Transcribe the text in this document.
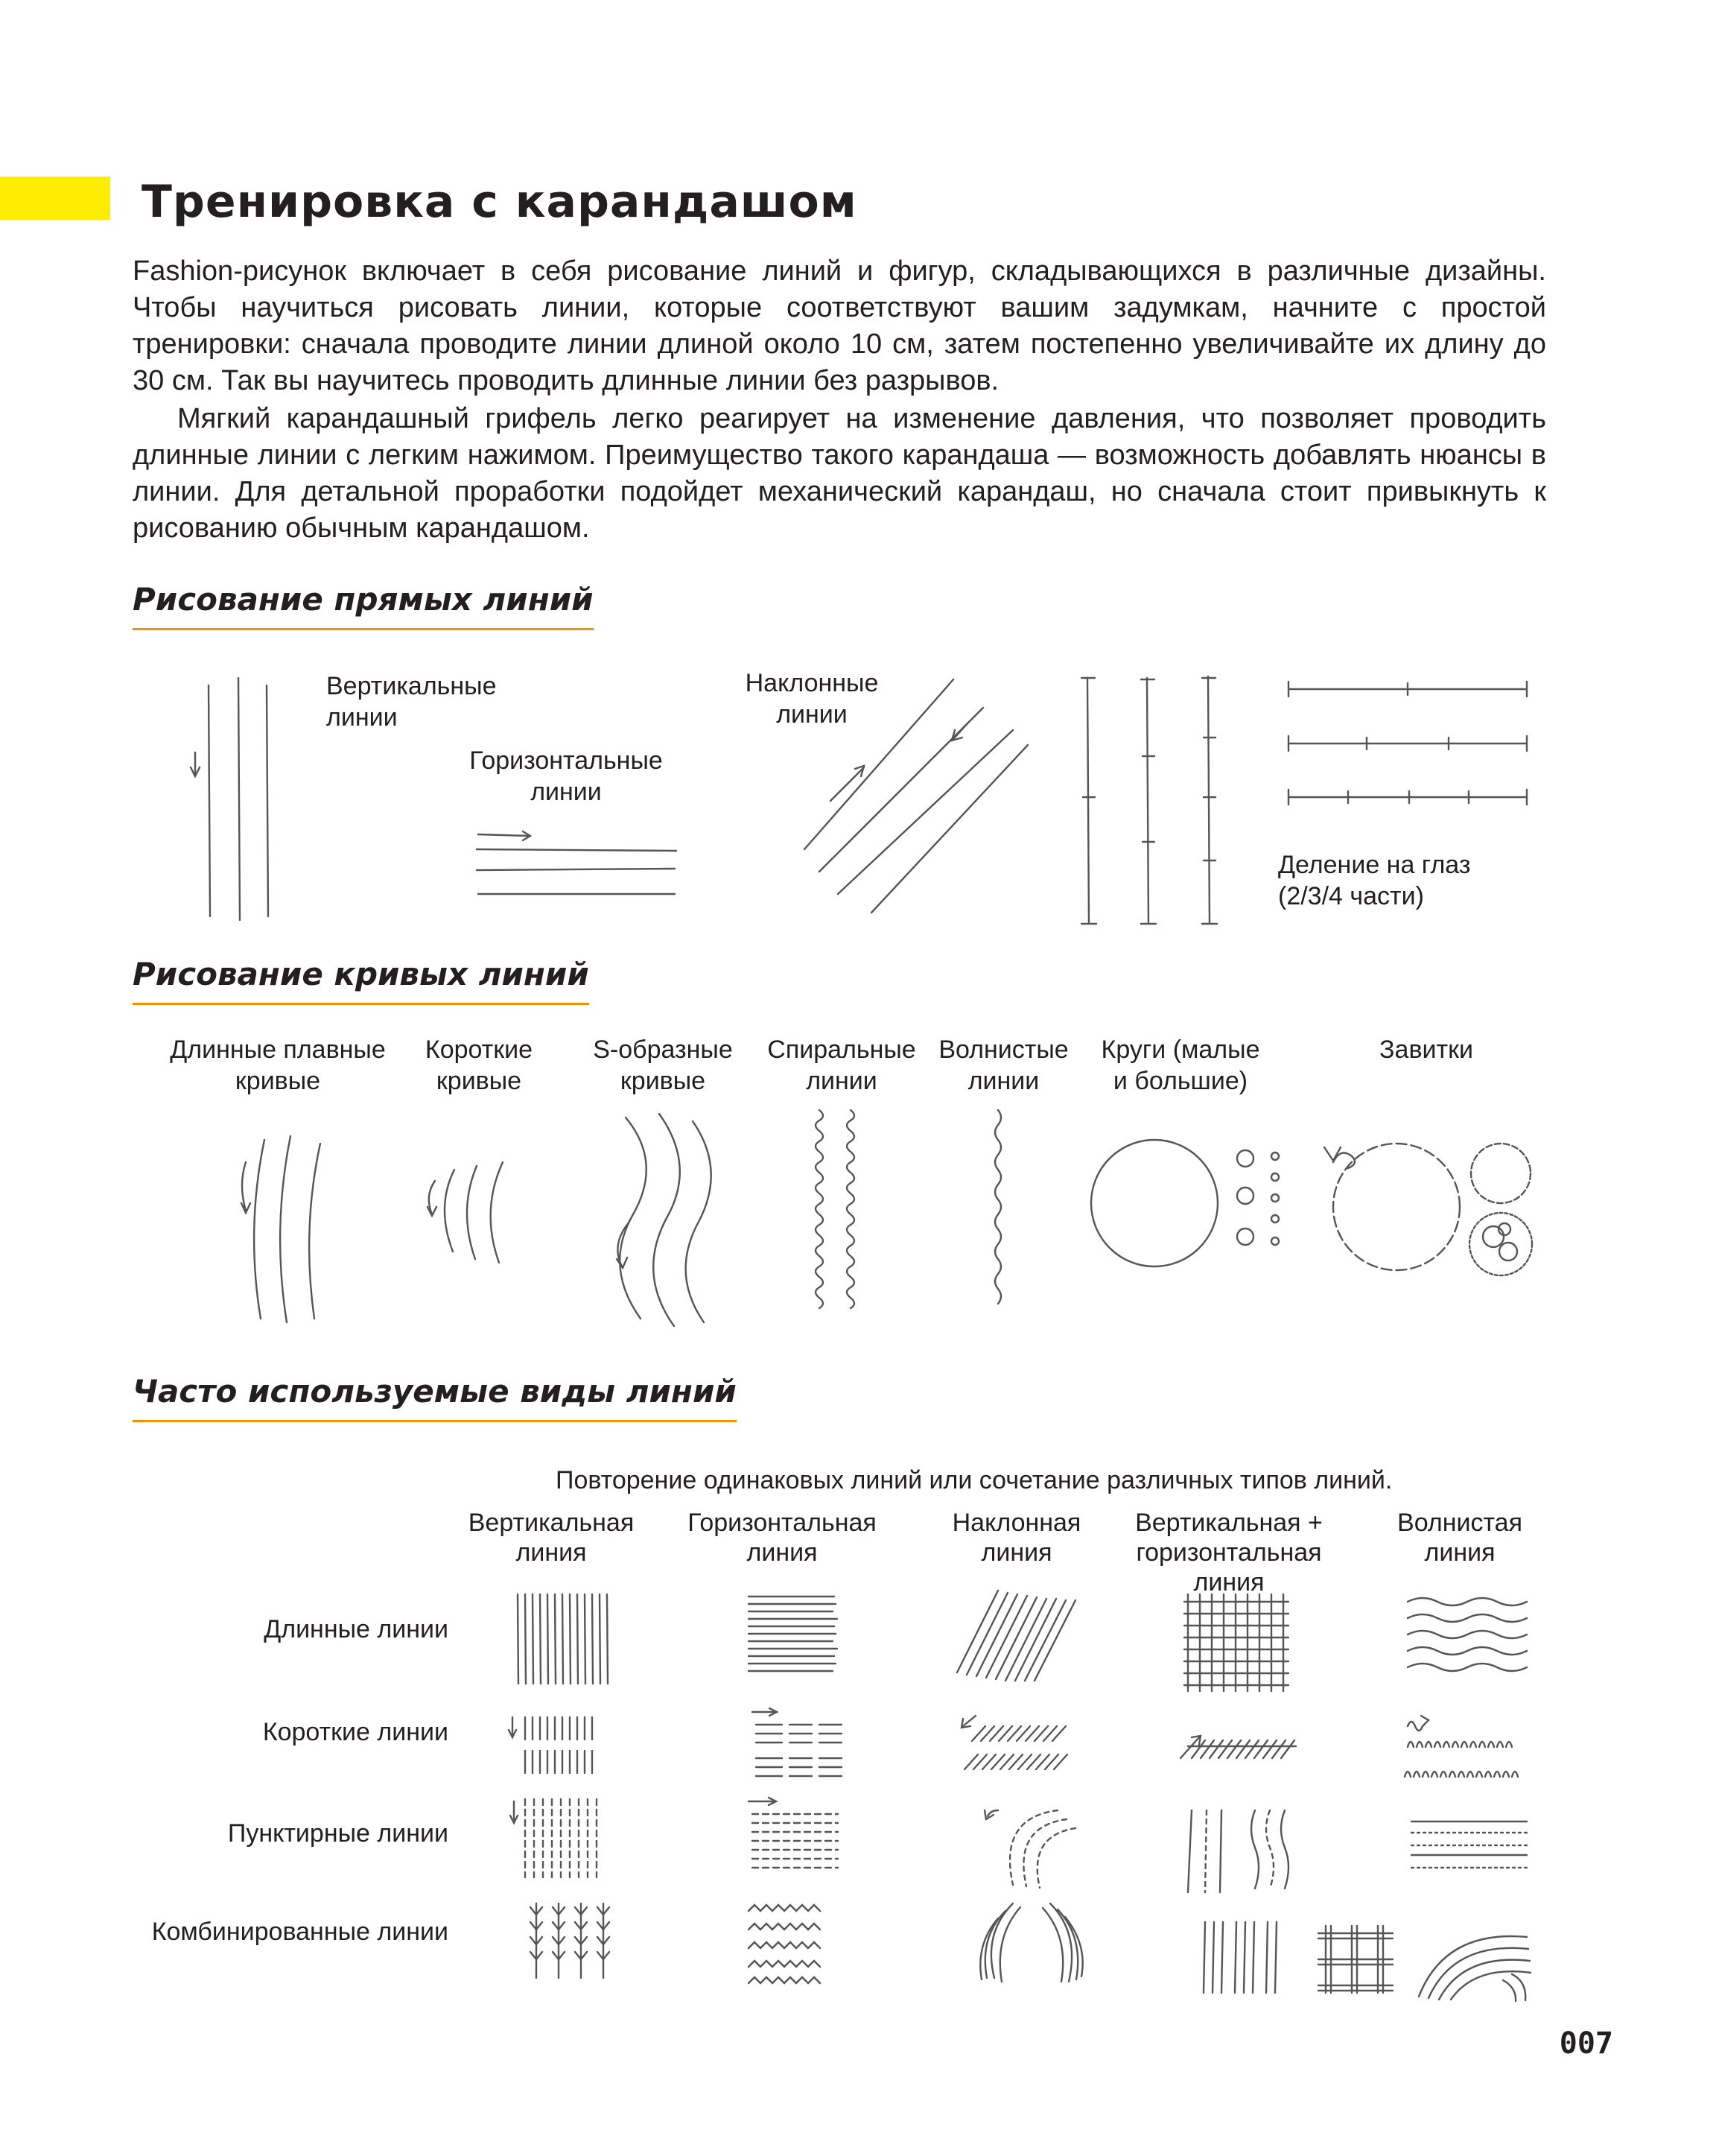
Тренировка с карандашом
Fashion-рисунок включает в себя рисование линий и фигур, складывающихся в различные дизайны. Чтобы научиться рисовать линии, которые соответствуют вашим задумкам, начните с простой тренировки: сначала проводите линии длиной около 10 см, затем постепенно увеличивайте их длину до 30 см. Так вы научитесь проводить длинные линии без разрывов.
Мягкий карандашный грифель легко реагирует на изменение давления, что позволяет проводить длинные линии с легким нажимом. Преимущество такого карандаша — возможность добавлять нюансы в линии. Для детальной проработки подойдет механический карандаш, но сначала стоит привыкнуть к рисованию обычным карандашом.
Рисование прямых линий
Вертикальные
линии
Горизонтальные
линии
Наклонные
линии
Деление на глаз
(2/3/4 части)
Рисование кривых линий
Длинные плавные
кривые
Короткие
кривые
S-образные
кривые
Спиральные
линии
Волнистые
линии
Круги (малые
и большие)
Завитки
Часто используемые виды линий
Повторение одинаковых линий или сочетание различных типов линий.
Вертикальная
линия
Горизонтальная
линия
Наклонная
линия
Вертикальная +
горизонтальная
линия
Волнистая
линия
Длинные линии
Короткие линии
Пунктирные линии
Комбинированные линии
007
